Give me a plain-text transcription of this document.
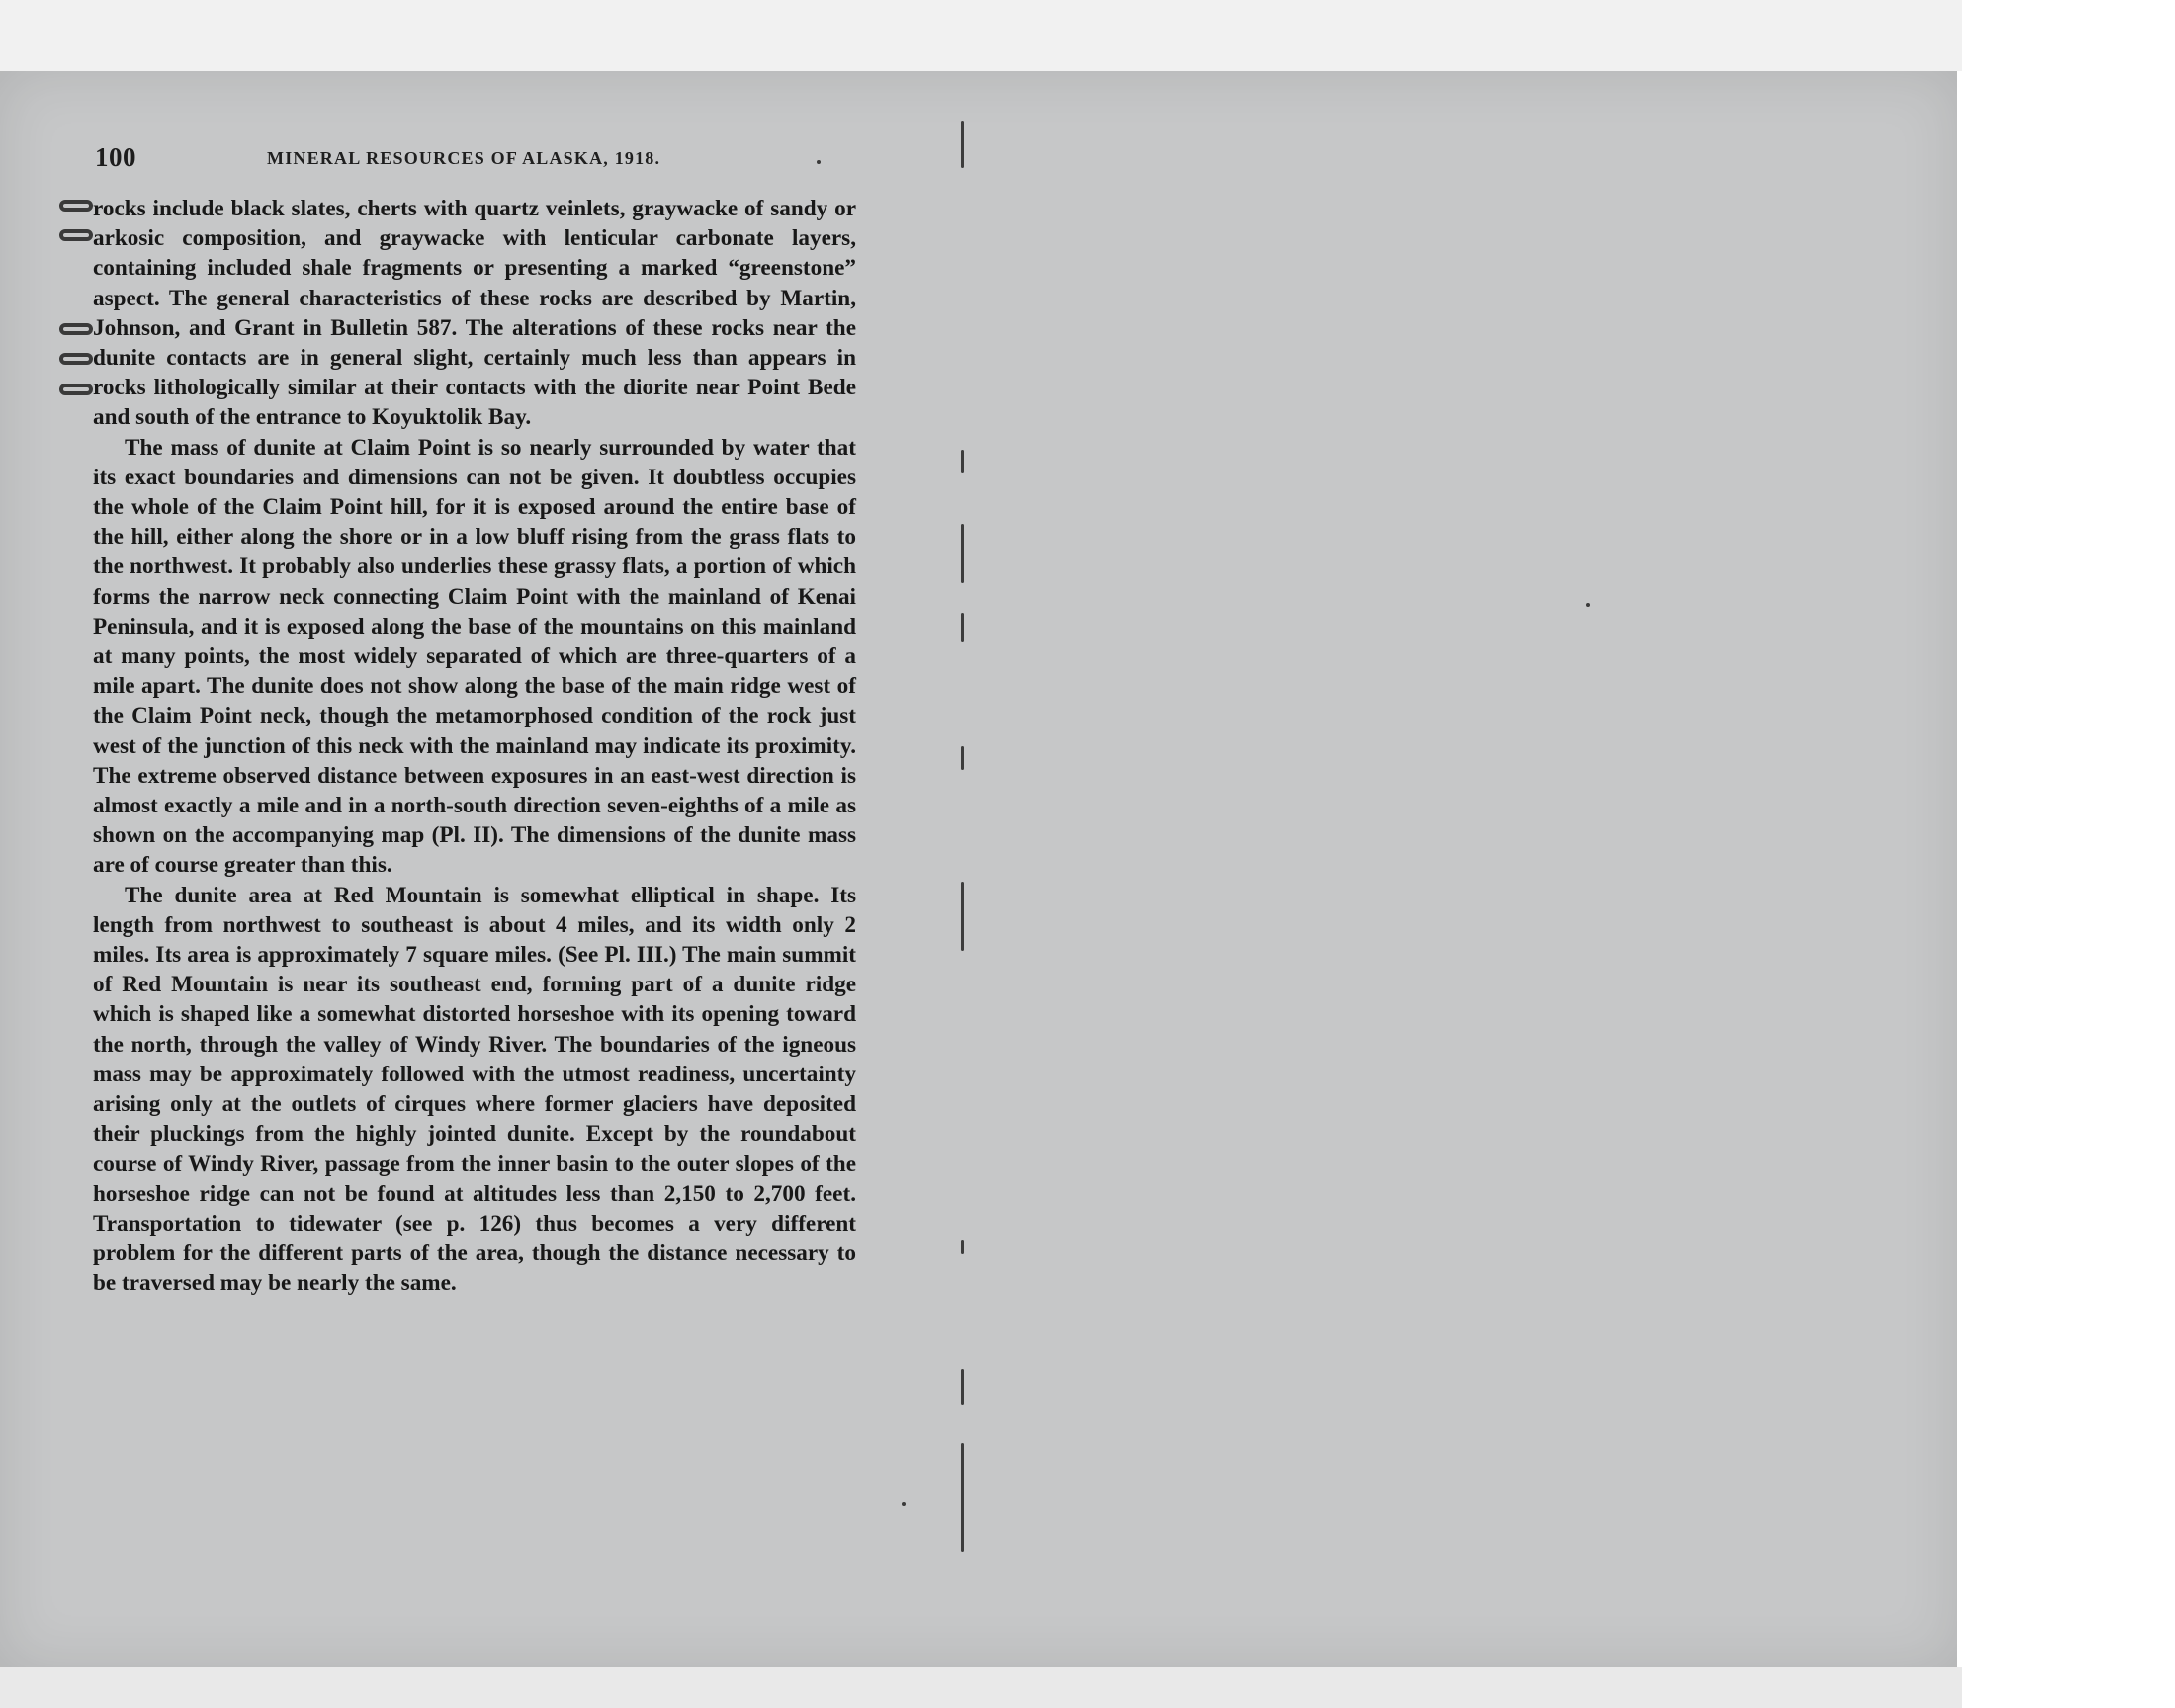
100	MINERAL RESOURCES OF ALASKA, 1918.

rocks include black slates, cherts with quartz veinlets, graywacke of sandy or arkosic composition, and graywacke with lenticular carbonate layers, containing included shale fragments or presenting a marked “greenstone” aspect. The general characteristics of these rocks are described by Martin, Johnson, and Grant in Bulletin 587. The alterations of these rocks near the dunite contacts are in general slight, certainly much less than appears in rocks lithologically similar at their contacts with the diorite near Point Bede and south of the entrance to Koyuktolik Bay.

The mass of dunite at Claim Point is so nearly surrounded by water that its exact boundaries and dimensions can not be given. It doubtless occupies the whole of the Claim Point hill, for it is exposed around the entire base of the hill, either along the shore or in a low bluff rising from the grass flats to the northwest. It probably also underlies these grassy flats, a portion of which forms the narrow neck connecting Claim Point with the mainland of Kenai Peninsula, and it is exposed along the base of the mountains on this mainland at many points, the most widely separated of which are three-quarters of a mile apart. The dunite does not show along the base of the main ridge west of the Claim Point neck, though the metamorphosed condition of the rock just west of the junction of this neck with the mainland may indicate its proximity. The extreme observed distance between exposures in an east-west direction is almost exactly a mile and in a north-south direction seven-eighths of a mile as shown on the accompanying map (Pl. II). The dimensions of the dunite mass are of course greater than this.

The dunite area at Red Mountain is somewhat elliptical in shape. Its length from northwest to southeast is about 4 miles, and its width only 2 miles. Its area is approximately 7 square miles. (See Pl. III.) The main summit of Red Mountain is near its southeast end, forming part of a dunite ridge which is shaped like a somewhat distorted horseshoe with its opening toward the north, through the valley of Windy River. The boundaries of the igneous mass may be approximately followed with the utmost readiness, uncertainty arising only at the outlets of cirques where former glaciers have deposited their pluckings from the highly jointed dunite. Except by the roundabout course of Windy River, passage from the inner basin to the outer slopes of the horseshoe ridge can not be found at altitudes less than 2,150 to 2,700 feet. Transportation to tidewater (see p. 126) thus becomes a very different problem for the different parts of the area, though the distance necessary to be traversed may be nearly the same.
